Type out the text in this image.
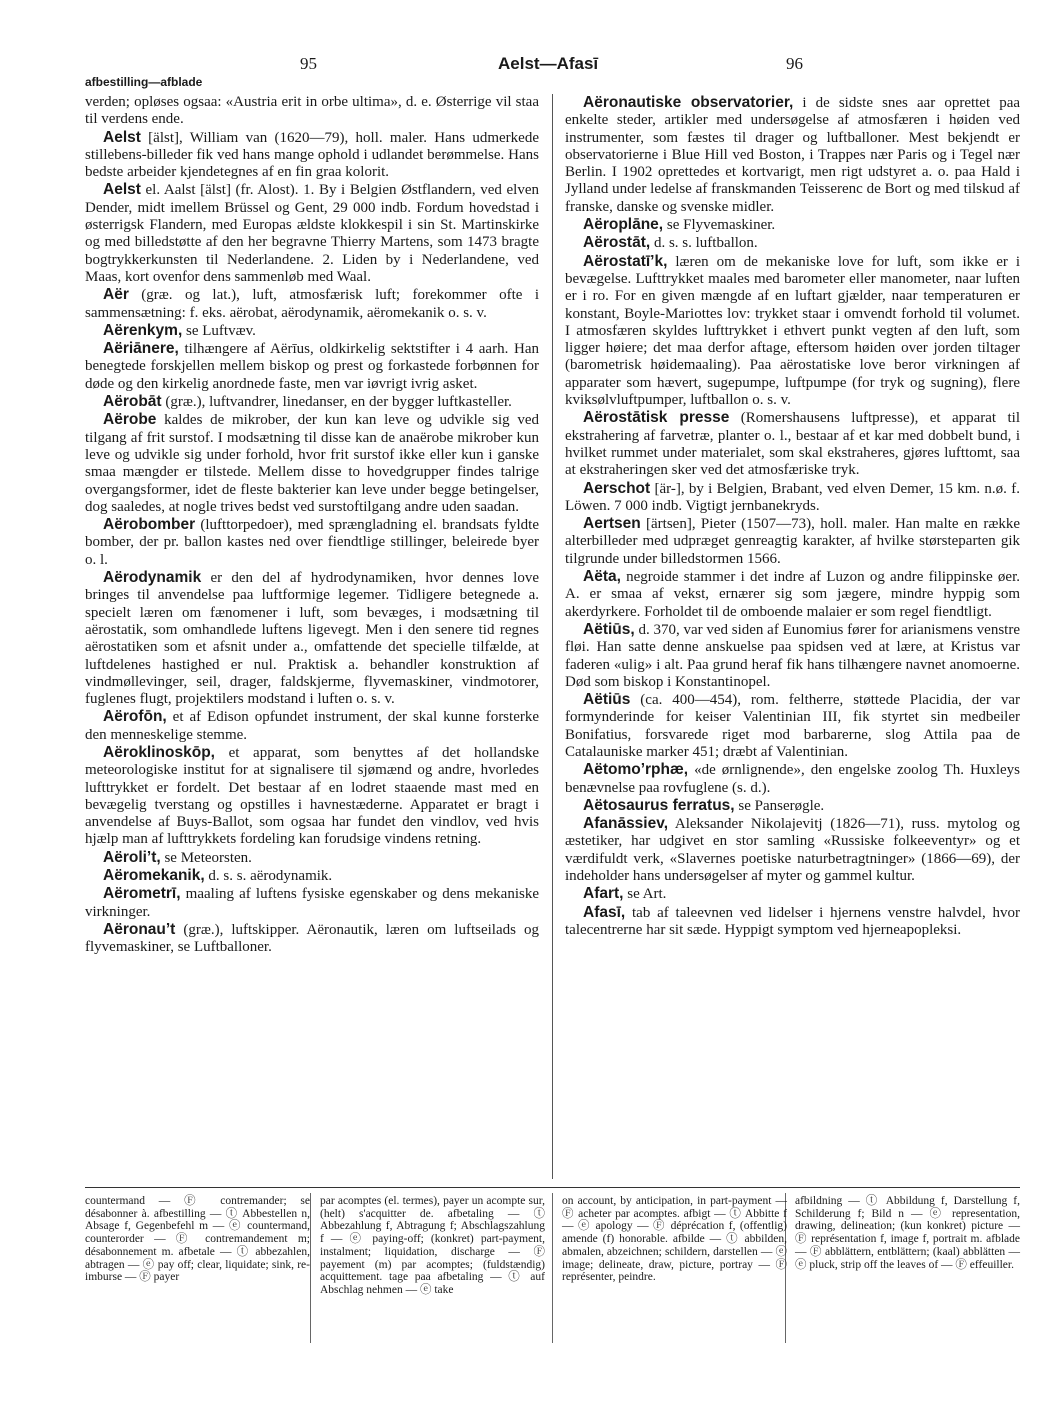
95	Aelst—Afasī	96
afbestilling—afblade

verden; opløses ogsaa: «Austria erit in orbe ultima», d. e. Østerrige vil staa til verdens ende.

Aelst [älst], William van (1620—79), holl. maler. Hans udmerkede stillebens-billeder fik ved hans mange ophold i udlandet berømmelse. Hans bedste arbeider kjendetegnes af en fin graa kolorit.

Aelst el. Aalst [älst] (fr. Alost). 1. By i Belgien Østflandern, ved elven Dender, midt imellem Brüssel og Gent, 29 000 indb. Fordum hovedstad i østerrigsk Flandern, med Europas ældste klokkespil i sin St. Martinskirke og med billedstøtte af den her begravne Thierry Martens, som 1473 bragte bogtrykkerkunsten til Nederlandene. 2. Liden by i Nederlandene, ved Maas, kort ovenfor dens sammenløb med Waal.

Aër (græ. og lat.), luft, atmosfærisk luft; forekommer ofte i sammensætning: f. eks. aërobat, aërodynamik, aëromekanik o. s. v.

Aërenkym, se Luftvæv.

Aëriānere, tilhængere af Aërīus, oldkirkelig sektstifter i 4 aarh. Han benegtede forskjellen mellem biskop og prest og forkastede forbønnen for døde og den kirkelig anordnede faste, men var iøvrigt ivrig asket.

Aërobāt (græ.), luftvandrer, linedanser, en der bygger luftkasteller.

Aërobe kaldes de mikrober, der kun kan leve og udvikle sig ved tilgang af frit surstof. I modsætning til disse kan de anaërobe mikrober kun leve og udvikle sig under forhold, hvor frit surstof ikke eller kun i ganske smaa mængder er tilstede. Mellem disse to hovedgrupper findes talrige overgangsformer, idet de fleste bakterier kan leve under begge betingelser, dog saaledes, at nogle trives bedst ved surstoftilgang andre uden saadan.

Aërobomber (lufttorpedoer), med sprængladning el. brandsats fyldte bomber, der pr. ballon kastes ned over fiendtlige stillinger, beleirede byer o. l.

Aërodynamik er den del af hydrodynamiken, hvor dennes love bringes til anvendelse paa luftformige legemer. Tidligere betegnede a. specielt læren om fænomener i luft, som bevæges, i modsætning til aërostatik, som omhandlede luftens ligevegt. Men i den senere tid regnes aërostatiken som et afsnit under a., omfattende det specielle tilfælde, at luftdelenes hastighed er nul. Praktisk a. behandler konstruktion af vindmøllevinger, seil, drager, faldskjerme, flyvemaskiner, vindmotorer, fuglenes flugt, projektilers modstand i luften o. s. v.

Aërofōn, et af Edison opfundet instrument, der skal kunne forsterke den menneskelige stemme.

Aëroklinoskōp, et apparat, som benyttes af det hollandske meteorologiske institut for at signalisere til sjømænd og andre, hvorledes lufttrykket er fordelt. Det bestaar af en lodret staaende mast med en bevægelig tverstang og opstilles i havnestæderne. Apparatet er bragt i anvendelse af Buys-Ballot, som ogsaa har fundet den vindlov, ved hvis hjælp man af lufttrykkets fordeling kan forudsige vindens retning.

Aëroli’t, se Meteorsten.

Aëromekanik, d. s. s. aërodynamik.

Aërometrī, maaling af luftens fysiske egenskaber og dens mekaniske virkninger.

Aëronau’t (græ.), luftskipper. Aëronautik, læren om luftseilads og flyvemaskiner, se Luftballoner.

Aëronautiske observatorier, i de sidste snes aar oprettet paa enkelte steder, artikler med undersøgelse af atmosfæren i høiden ved instrumenter, som fæstes til drager og luftballoner. Mest bekjendt er observatorierne i Blue Hill ved Boston, i Trappes nær Paris og i Tegel nær Berlin. I 1902 oprettedes et kortvarigt, men rigt udstyret a. o. paa Hald i Jylland under ledelse af franskmanden Teisserenc de Bort og med tilskud af franske, danske og svenske midler.

Aëroplāne, se Flyvemaskiner.

Aërostāt, d. s. s. luftballon.

Aërostatī’k, læren om de mekaniske love for luft, som ikke er i bevægelse. Lufttrykket maales med barometer eller manometer, naar luften er i ro. For en given mængde af en luftart gjælder, naar temperaturen er konstant, Boyle-Mariottes lov: trykket staar i omvendt forhold til volumet. I atmosfæren skyldes lufttrykket i ethvert punkt vegten af den luft, som ligger høiere; det maa derfor aftage, eftersom høiden over jorden tiltager (barometrisk høidemaaling). Paa aërostatiske love beror virkningen af apparater som hævert, sugepumpe, luftpumpe (for tryk og sugning), flere kviksølvluftpumper, luftballon o. s. v.

Aërostātisk presse (Romershausens luftpresse), et apparat til ekstrahering af farvetræ, planter o. l., bestaar af et kar med dobbelt bund, i hvilket rummet under materialet, som skal ekstraheres, gjøres lufttomt, saa at ekstraheringen sker ved det atmosfæriske tryk.

Aerschot [är-], by i Belgien, Brabant, ved elven Demer, 15 km. n.ø. f. Löwen. 7 000 indb. Vigtigt jernbanekryds.

Aertsen [ärtsen], Pieter (1507—73), holl. maler. Han malte en række alterbilleder med udpræget genreagtig karakter, af hvilke størsteparten gik tilgrunde under billedstormen 1566.

Aëta, negroide stammer i det indre af Luzon og andre filippinske øer. A. er smaa af vekst, ernærer sig som jægere, mindre hyppig som akerdyrkere. Forholdet til de omboende malaier er som regel fiendtligt.

Aëtiūs, d. 370, var ved siden af Eunomius fører for arianismens venstre fløi. Han satte denne anskuelse paa spidsen ved at lære, at Kristus var faderen «ulig» i alt. Paa grund heraf fik hans tilhængere navnet anomoerne. Død som biskop i Konstantinopel.

Aëtiūs (ca. 400—454), rom. feltherre, støttede Placidia, der var formynderinde for keiser Valentinian III, fik styrtet sin medbeiler Bonifatius, forsvarede riget mod barbarerne, slog Attila paa de Catalauniske marker 451; dræbt af Valentinian.

Aëtomo’rphæ, «de ørnlignende», den engelske zoolog Th. Huxleys benævnelse paa rovfuglene (s. d.).

Aëtosaurus ferratus, se Panserøgle.

Afanāssiev, Aleksander Nikolajevitj (1826—71), russ. mytolog og æstetiker, har udgivet en stor samling «Russiske folkeeventyr» og et værdifuldt verk, «Slavernes poetiske naturbetragtninger» (1866—69), der indeholder hans undersøgelser af myter og gammel kultur.

Afart, se Art.

Afasī, tab af taleevnen ved lidelser i hjernens venstre halvdel, hvor talecentrerne har sit sæde. Hyppigt symptom ved hjerneapopleksi.

countermand — Ⓕ contremander; se désabonner à. afbestilling — ⓣ Abbestellen n, Absage f, Gegenbefehl m — ⓔ countermand, counterorder — Ⓕ contremandement m; désabonnement m. afbetale — ⓣ abbezahlen, abtragen — ⓔ pay off; clear, liquidate; sink, re-imburse — Ⓕ payer
par acomptes (el. termes), payer un acompte sur, (helt) s'acquitter de. afbetaling — ⓣ Abbezahlung f, Abtragung f; Abschlagszahlung f — ⓔ paying-off; (konkret) part-payment, instalment; liquidation, discharge — Ⓕ payement (m) par acomptes; (fuldstændig) acquittement. tage paa afbetaling — ⓣ auf Abschlag nehmen — ⓔ take
on account, by anticipation, in part-payment — Ⓕ acheter par acomptes. afbigt — ⓣ Abbitte f — ⓔ apology — Ⓕ déprécation f, (offentlig) amende (f) honorable. afbilde — ⓣ abbilden, abmalen, abzeichnen; schildern, darstellen — ⓔ image; delineate, draw, picture, portray — Ⓕ représenter, peindre.
afbildning — ⓣ Abbildung f, Darstellung f, Schilderung f; Bild n — ⓔ representation, drawing, delineation; (kun konkret) picture — Ⓕ représentation f, image f, portrait m. afblade — Ⓕ abblättern, entblättern; (kaal) abblätten — ⓔ pluck, strip off the leaves of — Ⓕ effeuiller.
